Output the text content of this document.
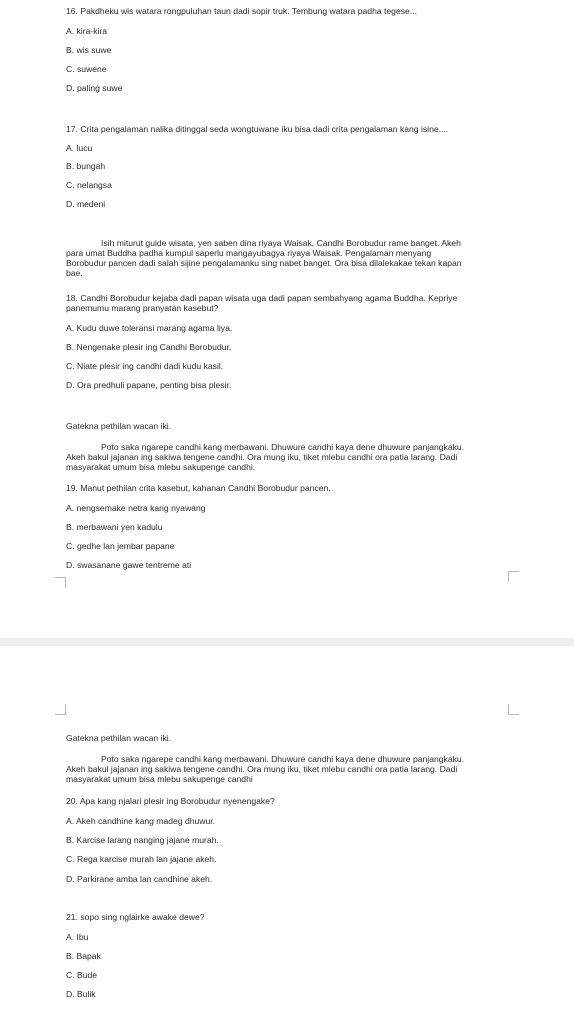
16. Pakdheku wis watara rongpuluhan taun dadi sopir truk. Tembung watara padha tegese...
A. kira-kira
B. wis suwe
C. suwene
D. paling suwe
17. Crita pengalaman nalika ditinggal seda wongtuwane iku bisa dadi crita pengalaman kang isine....
A. lucu
B. bungah
C. nelangsa
D. medeni
Isih miturut guide wisata, yen saben dina riyaya Waisak, Candhi Borobudur rame banget. Akeh
para umat Buddha padha kumpul saperlu mangayubagya riyaya Waisak. Pengalaman menyang
Borobudur pancen dadi salah sijine pengalamanku sing nabet banget. Ora bisa dilalekakae tekan kapan
bae.
18. Candhi Borobudur kejaba dadi papan wisata uga dadi papan sembahyang agama Buddha. Kepriye
panemumu marang pranyatan kasebut?
A. Kudu duwe toleransi marang agama liya.
B. Nengenake plesir ing Candhi Borobudur.
C. Niate plesir ing candhi dadi kudu kasil.
D. Ora predhuli papane, penting bisa plesir.
Gatekna pethilan wacan iki.
Poto saka ngarepe candhi kang merbawani. Dhuwure candhi kaya dene dhuwure panjangkaku.
Akeh bakul jajanan ing sakiwa tengene candhi. Ora mung iku, tiket mlebu candhi ora patia larang. Dadi
masyarakat umum bisa mlebu sakupenge candhi.
19. Manut pethilan crita kasebut, kahanan Candhi Borobudur pancen.
A. nengsemake netra kang nyawang
B. merbawani yen kadulu
C. gedhe lan jembar papane
D. swasanane gawe tentreme ati
Gatekna pethilan wacan iki.
Poto saka ngarepe candhi kang merbawani. Dhuwure candhi kaya dene dhuwure panjangkaku.
Akeh bakul jajanan ing sakiwa tengene candhi. Ora mung iku, tiket mlebu candhi ora patia larang. Dadi
masyarakat umum bisa mlebu sakupenge candhi
20. Apa kang njalari plesir ing Borobudur nyenengake?
A. Akeh candhine kang madeg dhuwur.
B. Karcise larang nanging jajane murah.
C. Rega karcise murah lan jajane akeh.
D. Parkirane amba lan candhine akeh.
21. sopo sing nglairke awake dewe?
A. Ibu
B. Bapak
C. Bude
D. Bulik
